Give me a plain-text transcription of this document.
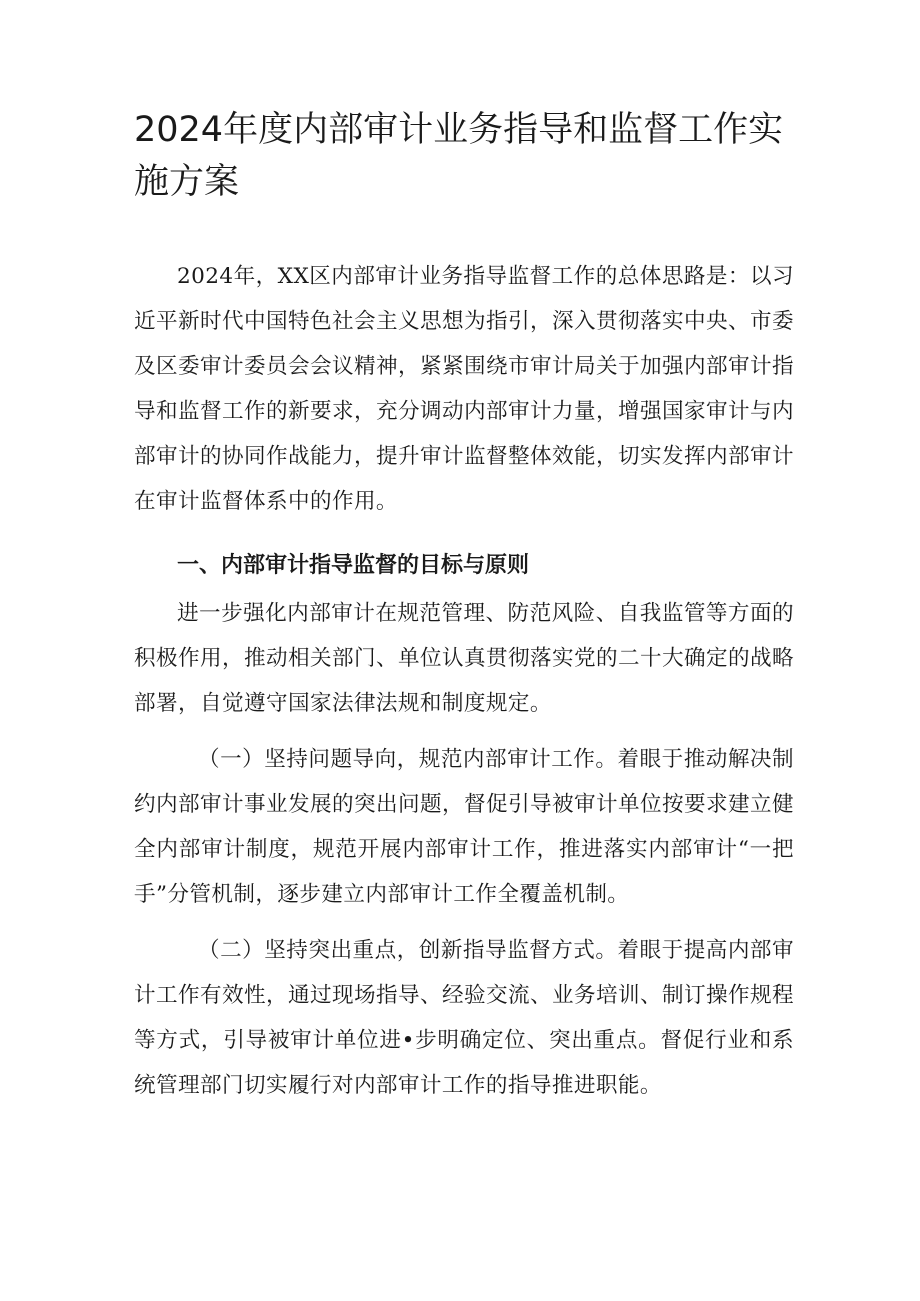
2024年度内部审计业务指导和监督工作实施方案

2024年，XX区内部审计业务指导监督工作的总体思路是：以习近平新时代中国特色社会主义思想为指引，深入贯彻落实中央、市委及区委审计委员会会议精神，紧紧围绕市审计局关于加强内部审计指导和监督工作的新要求，充分调动内部审计力量，增强国家审计与内部审计的协同作战能力，提升审计监督整体效能，切实发挥内部审计在审计监督体系中的作用。

一、内部审计指导监督的目标与原则

进一步强化内部审计在规范管理、防范风险、自我监管等方面的积极作用，推动相关部门、单位认真贯彻落实党的二十大确定的战略部署，自觉遵守国家法律法规和制度规定。

（一）坚持问题导向，规范内部审计工作。着眼于推动解决制约内部审计事业发展的突出问题，督促引导被审计单位按要求建立健全内部审计制度，规范开展内部审计工作，推进落实内部审计“一把手”分管机制，逐步建立内部审计工作全覆盖机制。

（二）坚持突出重点，创新指导监督方式。着眼于提高内部审计工作有效性，通过现场指导、经验交流、业务培训、制订操作规程等方式，引导被审计单位进•步明确定位、突出重点。督促行业和系统管理部门切实履行对内部审计工作的指导推进职能。
